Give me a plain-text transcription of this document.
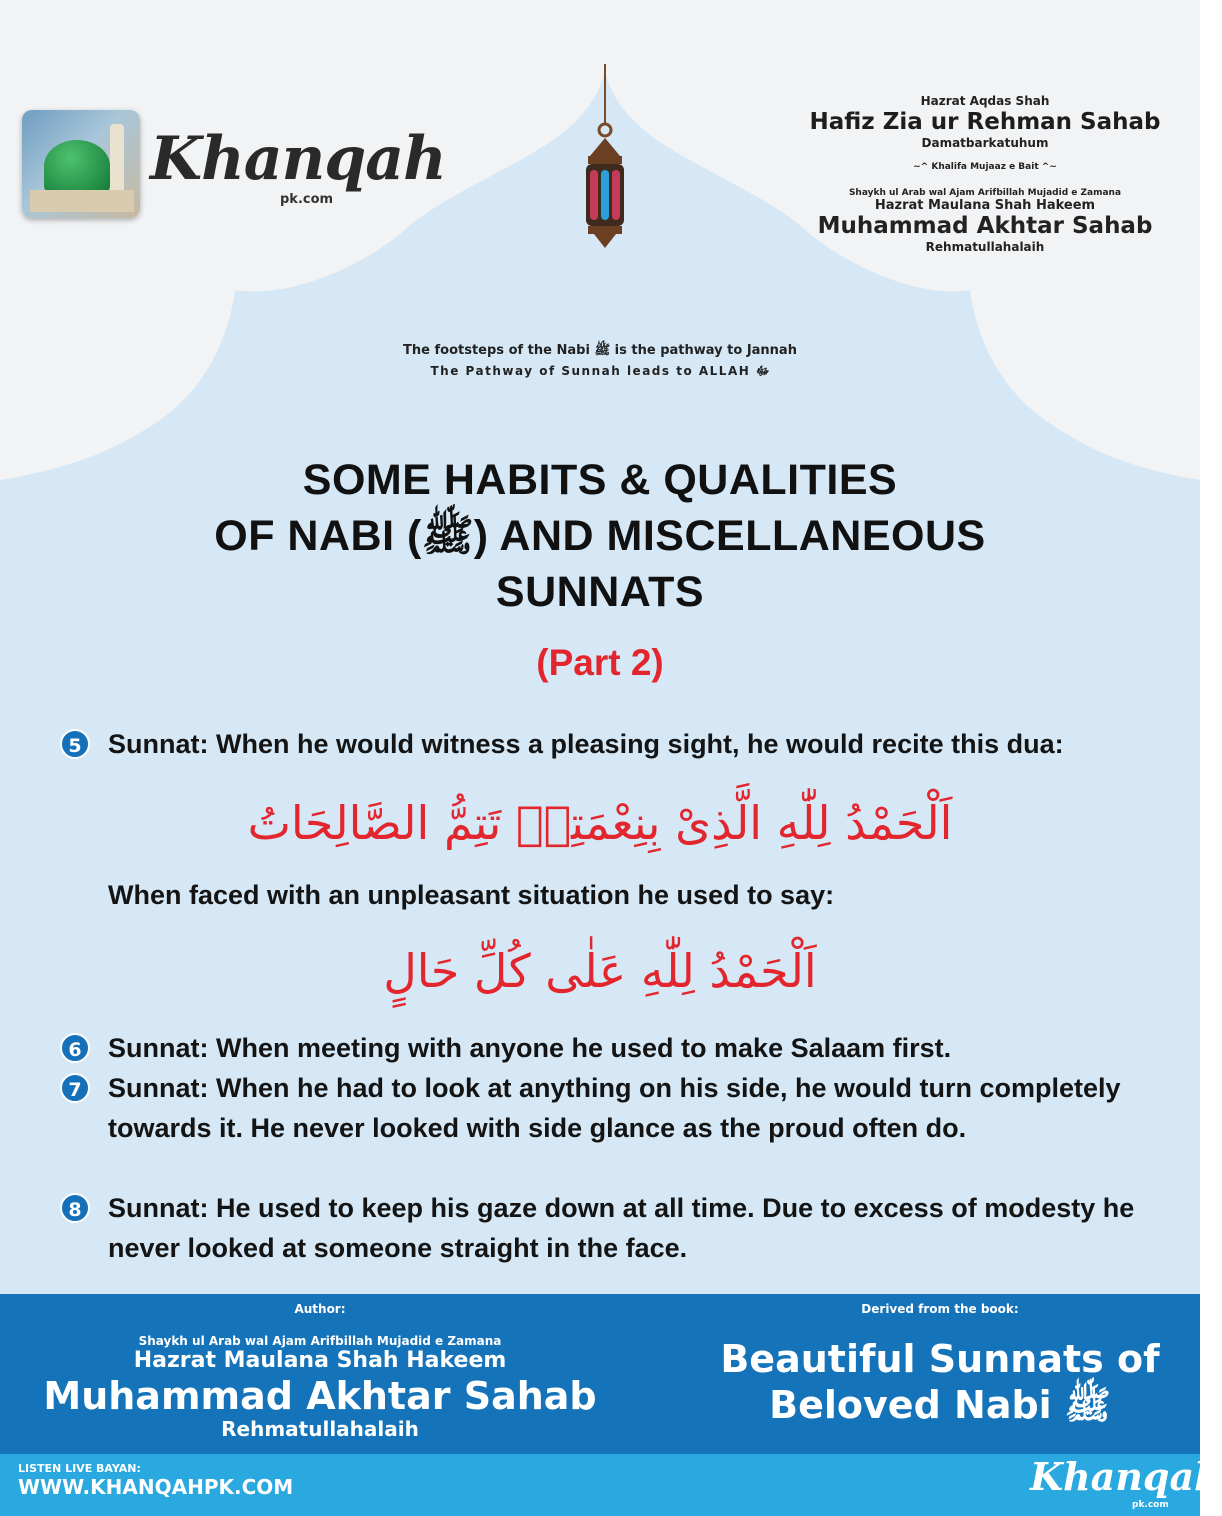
Khanqah
pk.com
Hazrat Aqdas Shah
Hafiz Zia ur Rehman Sahab
Damatbarkatuhum
~^ Khalifa Mujaaz e Bait ^~
Shaykh ul Arab wal Ajam Arifbillah Mujadid e Zamana
Hazrat Maulana Shah Hakeem
Muhammad Akhtar Sahab
Rehmatullahalaih
The footsteps of the Nabi ﷺ is the pathway to Jannah
The Pathway of Sunnah leads to ALLAH ﷻ
SOME HABITS & QUALITIES
OF NABI (ﷺ) AND MISCELLANEOUS
SUNNATS
(Part 2)
5 Sunnat: When he would witness a pleasing sight, he would recite this dua:
اَلْحَمْدُ لِلّٰهِ الَّذِیْ بِنِعْمَتِهٖ تَتِمُّ الصَّالِحَاتُ
When faced with an unpleasant situation he used to say:
اَلْحَمْدُ لِلّٰهِ عَلٰی كُلِّ حَالٍ
6 Sunnat: When meeting with anyone he used to make Salaam first.
7 Sunnat: When he had to look at anything on his side, he would turn completely towards it. He never looked with side glance as the proud often do.
8 Sunnat: He used to keep his gaze down at all time. Due to excess of modesty he never looked at someone straight in the face.
Author:
Shaykh ul Arab wal Ajam Arifbillah Mujadid e Zamana
Hazrat Maulana Shah Hakeem
Muhammad Akhtar Sahab
Rehmatullahalaih
Derived from the book:
Beautiful Sunnats of
Beloved Nabi ﷺ
LISTEN LIVE BAYAN:
WWW.KHANQAHPK.COM	Khanqah
pk.com
